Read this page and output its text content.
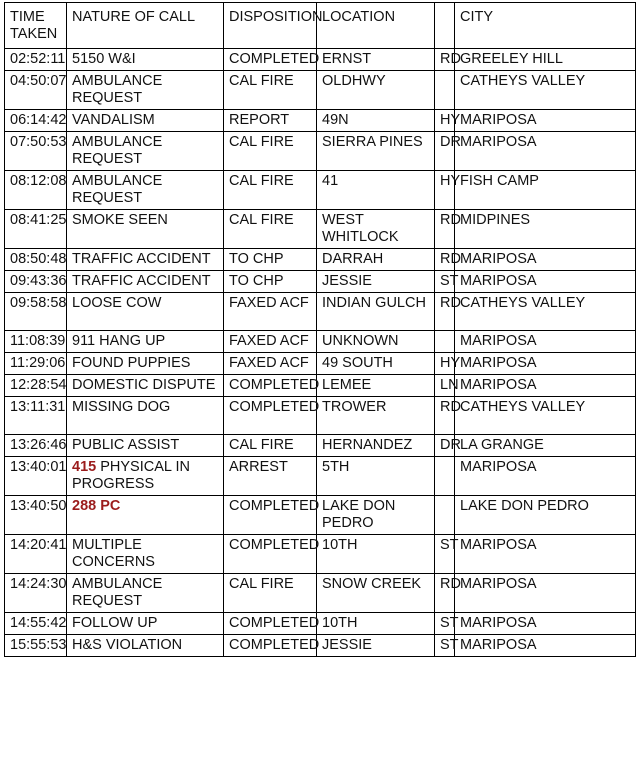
TIME TAKEN	NATURE OF CALL	DISPOSITION	LOCATION		CITY
02:52:11	5150 W&I	COMPLETED	ERNST	RD	GREELEY HILL
04:50:07	AMBULANCE REQUEST	CAL FIRE	OLDHWY		CATHEYS VALLEY
06:14:42	VANDALISM	REPORT	49N	HY	MARIPOSA
07:50:53	AMBULANCE REQUEST	CAL FIRE	SIERRA PINES	DR	MARIPOSA
08:12:08	AMBULANCE REQUEST	CAL FIRE	41	HY	FISH CAMP
08:41:25	SMOKE SEEN	CAL FIRE	WEST WHITLOCK	RD	MIDPINES
08:50:48	TRAFFIC ACCIDENT	TO CHP	DARRAH	RD	MARIPOSA
09:43:36	TRAFFIC ACCIDENT	TO CHP	JESSIE	ST	MARIPOSA
09:58:58	LOOSE COW	FAXED ACF	INDIAN GULCH	RD	CATHEYS VALLEY
11:08:39	911 HANG UP	FAXED ACF	UNKNOWN		MARIPOSA
11:29:06	FOUND PUPPIES	FAXED ACF	49 SOUTH	HY	MARIPOSA
12:28:54	DOMESTIC DISPUTE	COMPLETED	LEMEE	LN	MARIPOSA
13:11:31	MISSING DOG	COMPLETED	TROWER	RD	CATHEYS VALLEY
13:26:46	PUBLIC ASSIST	CAL FIRE	HERNANDEZ	DR	LA GRANGE
13:40:01	415 PHYSICAL IN PROGRESS	ARREST	5TH		MARIPOSA
13:40:50	288 PC	COMPLETED	LAKE DON PEDRO		LAKE DON PEDRO
14:20:41	MULTIPLE CONCERNS	COMPLETED	10TH	ST	MARIPOSA
14:24:30	AMBULANCE REQUEST	CAL FIRE	SNOW CREEK	RD	MARIPOSA
14:55:42	FOLLOW UP	COMPLETED	10TH	ST	MARIPOSA
15:55:53	H&S VIOLATION	COMPLETED	JESSIE	ST	MARIPOSA
